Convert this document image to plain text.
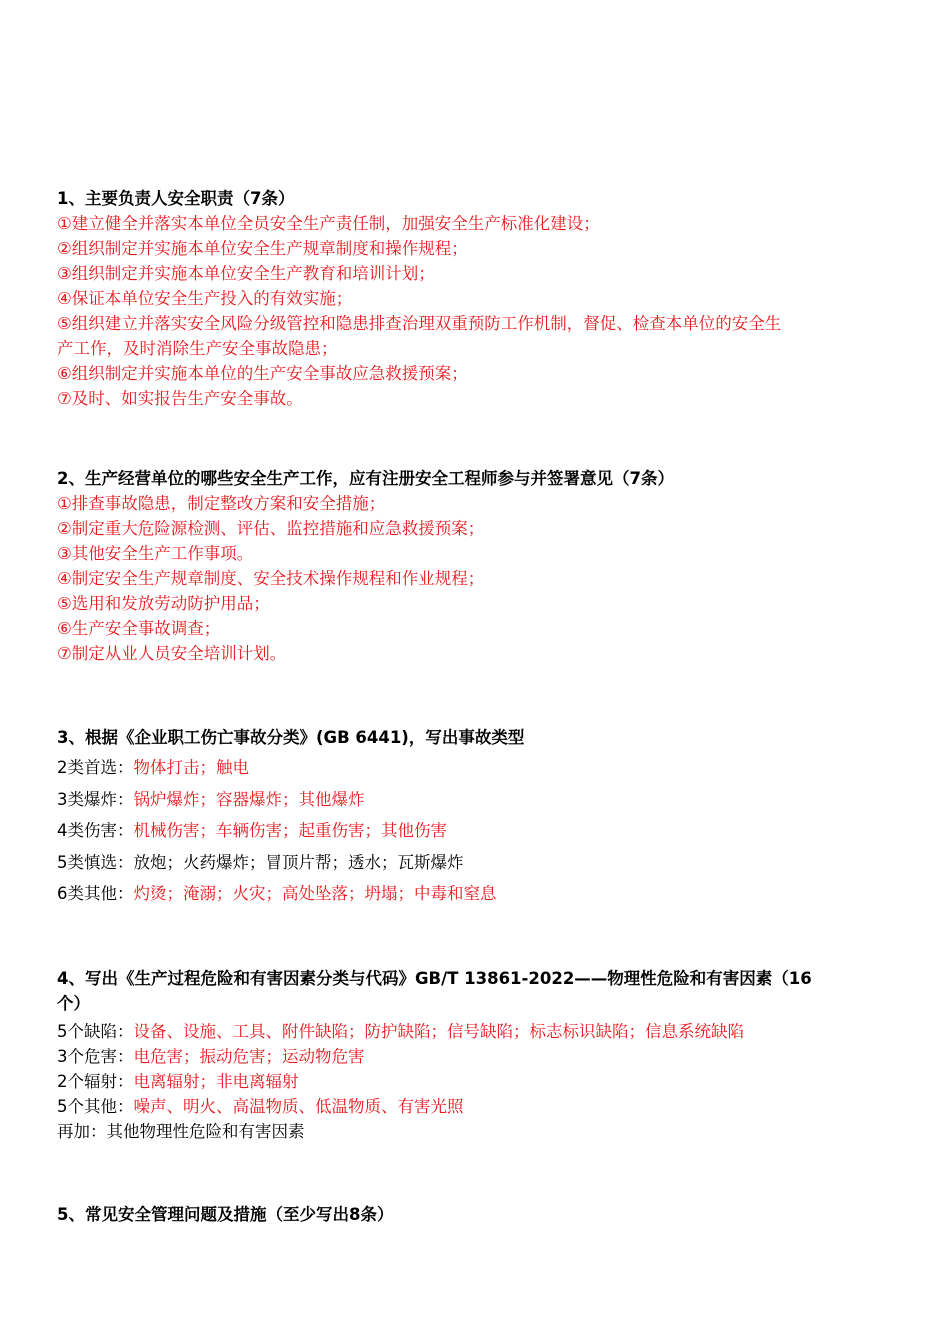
1、主要负责人安全职责（7条）
①建立健全并落实本单位全员安全生产责任制，加强安全生产标准化建设；
②组织制定并实施本单位安全生产规章制度和操作规程；
③组织制定并实施本单位安全生产教育和培训计划；
④保证本单位安全生产投入的有效实施；
⑤组织建立并落实安全风险分级管控和隐患排查治理双重预防工作机制，督促、检查本单位的安全生
产工作，及时消除生产安全事故隐患；
⑥组织制定并实施本单位的生产安全事故应急救援预案；
⑦及时、如实报告生产安全事故。
2、生产经营单位的哪些安全生产工作，应有注册安全工程师参与并签署意见（7条）
①排查事故隐患，制定整改方案和安全措施；
②制定重大危险源检测、评估、监控措施和应急救援预案；
③其他安全生产工作事项。
④制定安全生产规章制度、安全技术操作规程和作业规程；
⑤选用和发放劳动防护用品；
⑥生产安全事故调查；
⑦制定从业人员安全培训计划。
3、根据《企业职工伤亡事故分类》(GB 6441)，写出事故类型
2类首选：物体打击；触电
3类爆炸：锅炉爆炸；容器爆炸；其他爆炸
4类伤害：机械伤害；车辆伤害；起重伤害；其他伤害
5类慎选：放炮；火药爆炸；冒顶片帮；透水；瓦斯爆炸
6类其他：灼烫；淹溺；火灾；高处坠落；坍塌；中毒和窒息
4、写出《生产过程危险和有害因素分类与代码》GB/T 13861-2022——物理性危险和有害因素（16
个）
5个缺陷：设备、设施、工具、附件缺陷；防护缺陷；信号缺陷；标志标识缺陷；信息系统缺陷
3个危害：电危害；振动危害；运动物危害
2个辐射：电离辐射；非电离辐射
5个其他：噪声、明火、高温物质、低温物质、有害光照
再加：其他物理性危险和有害因素
5、常见安全管理问题及措施（至少写出8条）
